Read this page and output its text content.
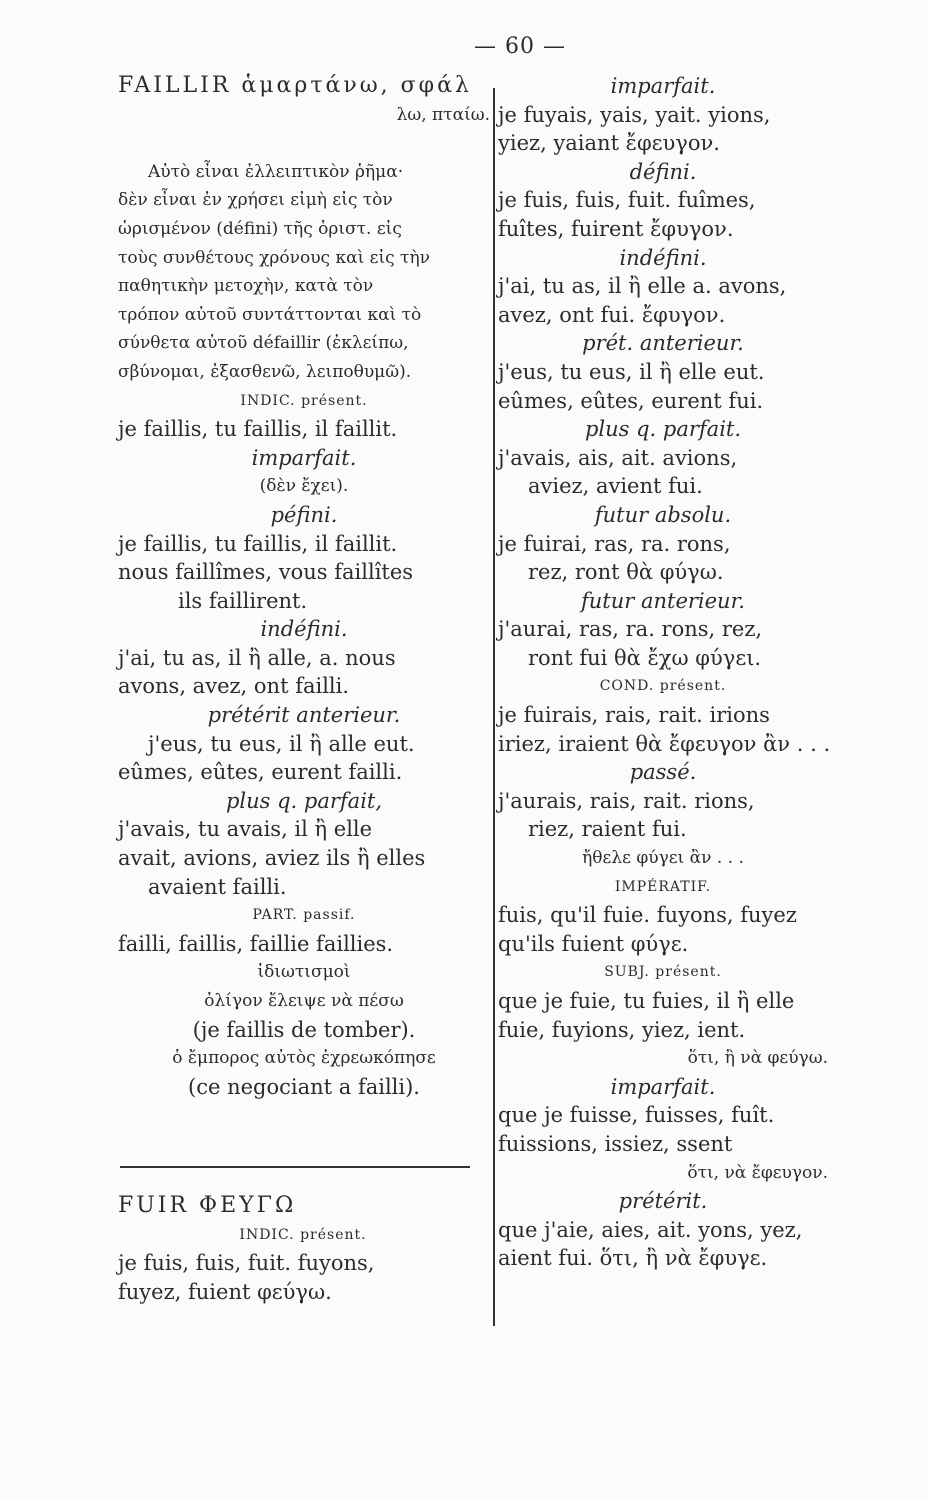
— 60 —
FAILLIR ἁμαρτάνω, σφάλ
λω, πταίω.
Αὐτὸ εἶναι ἐλλειπτικὸν ῥῆμα·
δὲν εἶναι ἐν χρήσει εἰμὴ εἰς τὸν
ὡρισμένον (défini) τῆς ὁριστ. εἰς
τοὺς συνθέτους χρόνους καὶ εἰς τὴν
παθητικὴν μετοχὴν, κατὰ τὸν
τρόπον αὐτοῦ συντάττονται καὶ τὸ
σύνθετα αὐτοῦ défaillir (ἐκλείπω,
σβύνομαι, ἐξασθενῶ, λειποθυμῶ).
INDIC. présent.
je faillis, tu faillis, il faillit.
imparfait.
(δὲν ἔχει).
péfini.
je faillis, tu faillis, il faillit.
nous faillîmes, vous faillîtes
ils faillirent.
indéfini.
j'ai, tu as, il ἢ alle, a. nous
avons, avez, ont failli.
prétérit anterieur.
j'eus, tu eus, il ἢ alle eut.
eûmes, eûtes, eurent failli.
plus q. parfait,
j'avais, tu avais, il ἢ elle
avait, avions, aviez ils ἢ elles
avaient failli.
PART. passif.
failli, faillis, faillie faillies.
ἰδιωτισμοὶ
ὀλίγον ἔλειψε νὰ πέσω
(je faillis de tomber).
ὁ ἔμπορος αὐτὸς ἐχρεωκόπησε
(ce negociant a failli).
FUIR ΦΕΥΓΩ
INDIC. présent.
je fuis, fuis, fuit. fuyons,
fuyez, fuient φεύγω.
imparfait.
je fuyais, yais, yait. yions,
yiez, yaiant ἔφευγον.
défini.
je fuis, fuis, fuit. fuîmes,
fuîtes, fuirent ἔφυγον.
indéfini.
j'ai, tu as, il ἢ elle a. avons,
avez, ont fui. ἔφυγον.
prét. anterieur.
j'eus, tu eus, il ἢ elle eut.
eûmes, eûtes, eurent fui.
plus q. parfait.
j'avais, ais, ait. avions,
aviez, avient fui.
futur absolu.
je fuirai, ras, ra. rons,
rez, ront θὰ φύγω.
futur anterieur.
j'aurai, ras, ra. rons, rez,
ront fui θὰ ἔχω φύγει.
COND. présent.
je fuirais, rais, rait. irions
iriez, iraient θὰ ἔφευγον ἂν . . .
passé.
j'aurais, rais, rait. rions,
riez, raient fui.
ἤθελε φύγει ἂν . . .
IMPÉRATIF.
fuis, qu'il fuie. fuyons, fuyez
qu'ils fuient φύγε.
SUBJ. présent.
que je fuie, tu fuies, il ἢ elle
fuie, fuyions, yiez, ient.
ὅτι, ἢ νὰ φεύγω.
imparfait.
que je fuisse, fuisses, fuît.
fuissions, issiez, ssent
ὅτι, νὰ ἔφευγον.
prétérit.
que j'aie, aies, ait. yons, yez,
aient fui. ὅτι, ἢ νὰ ἔφυγε.
